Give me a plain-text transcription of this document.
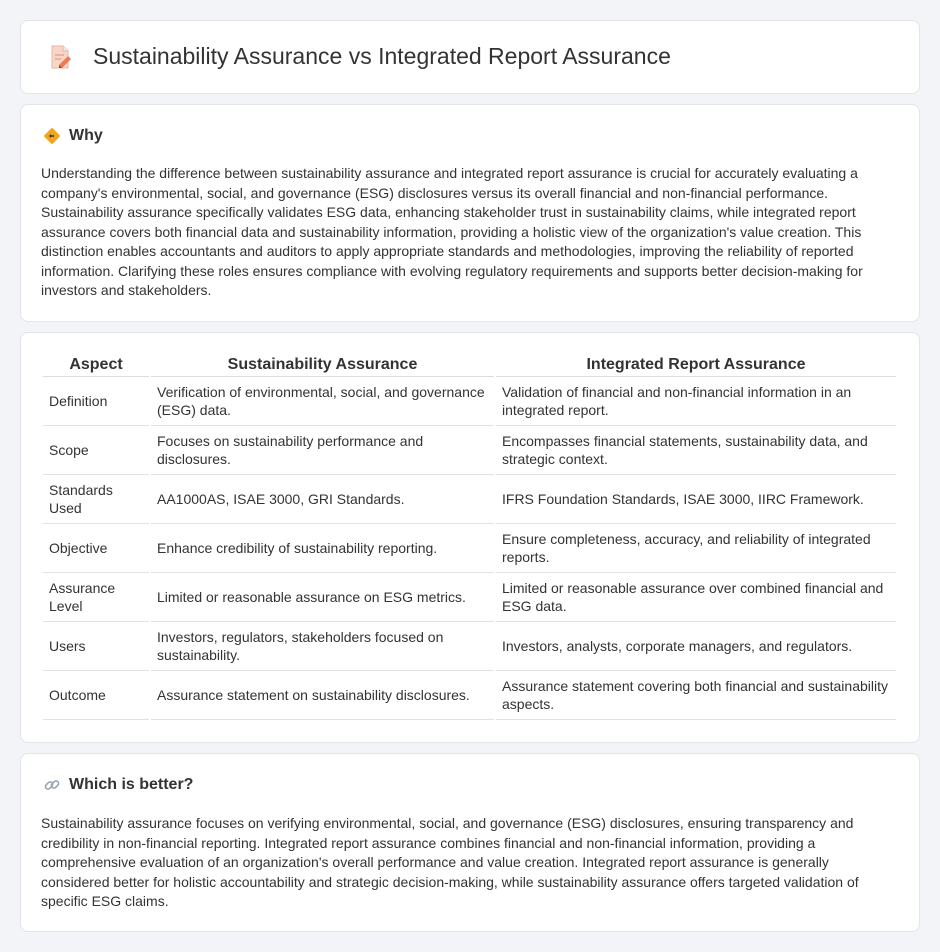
Sustainability Assurance vs Integrated Report Assurance
Why

Understanding the difference between sustainability assurance and integrated report assurance is crucial for accurately evaluating a company's environmental, social, and governance (ESG) disclosures versus its overall financial and non-financial performance. Sustainability assurance specifically validates ESG data, enhancing stakeholder trust in sustainability claims, while integrated report assurance covers both financial data and sustainability information, providing a holistic view of the organization's value creation. This distinction enables accountants and auditors to apply appropriate standards and methodologies, improving the reliability of reported information. Clarifying these roles ensures compliance with evolving regulatory requirements and supports better decision-making for investors and stakeholders.

Aspect	Sustainability Assurance	Integrated Report Assurance
Definition	Verification of environmental, social, and governance (ESG) data.	Validation of financial and non-financial information in an integrated report.
Scope	Focuses on sustainability performance and disclosures.	Encompasses financial statements, sustainability data, and strategic context.
Standards Used	AA1000AS, ISAE 3000, GRI Standards.	IFRS Foundation Standards, ISAE 3000, IIRC Framework.
Objective	Enhance credibility of sustainability reporting.	Ensure completeness, accuracy, and reliability of integrated reports.
Assurance Level	Limited or reasonable assurance on ESG metrics.	Limited or reasonable assurance over combined financial and ESG data.
Users	Investors, regulators, stakeholders focused on sustainability.	Investors, analysts, corporate managers, and regulators.
Outcome	Assurance statement on sustainability disclosures.	Assurance statement covering both financial and sustainability aspects.
Which is better?

Sustainability assurance focuses on verifying environmental, social, and governance (ESG) disclosures, ensuring transparency and credibility in non-financial reporting. Integrated report assurance combines financial and non-financial information, providing a comprehensive evaluation of an organization's overall performance and value creation. Integrated report assurance is generally considered better for holistic accountability and strategic decision-making, while sustainability assurance offers targeted validation of specific ESG claims.
